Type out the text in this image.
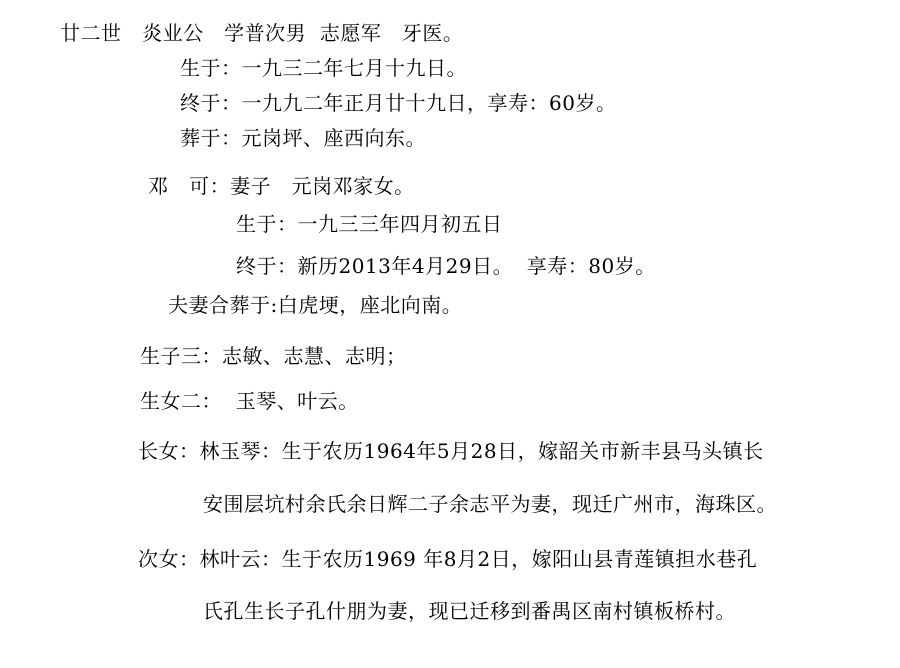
廿二世   炎业公   学普次男  志愿军   牙医。
生于：一九三二年七月十九日。
终于：一九九二年正月廿十九日，享寿：60岁。
葬于：元岗坪、座西向东。
邓   可：妻子   元岗邓家女。
生于：一九三三年四月初五日
终于：新历2013年4月29日。  享寿：80岁。
夫妻合葬于:白虎埂，座北向南。
生子三：志敏、志慧、志明；
生女二：  玉琴、叶云。
长女：林玉琴：生于农历1964年5月28日，嫁韶关市新丰县马头镇长
安围层坑村余氏余日辉二子余志平为妻，现迁广州市，海珠区。
次女：林叶云：生于农历1969 年8月2日，嫁阳山县青莲镇担水巷孔
氏孔生长子孔什朋为妻，现已迁移到番禺区南村镇板桥村。
